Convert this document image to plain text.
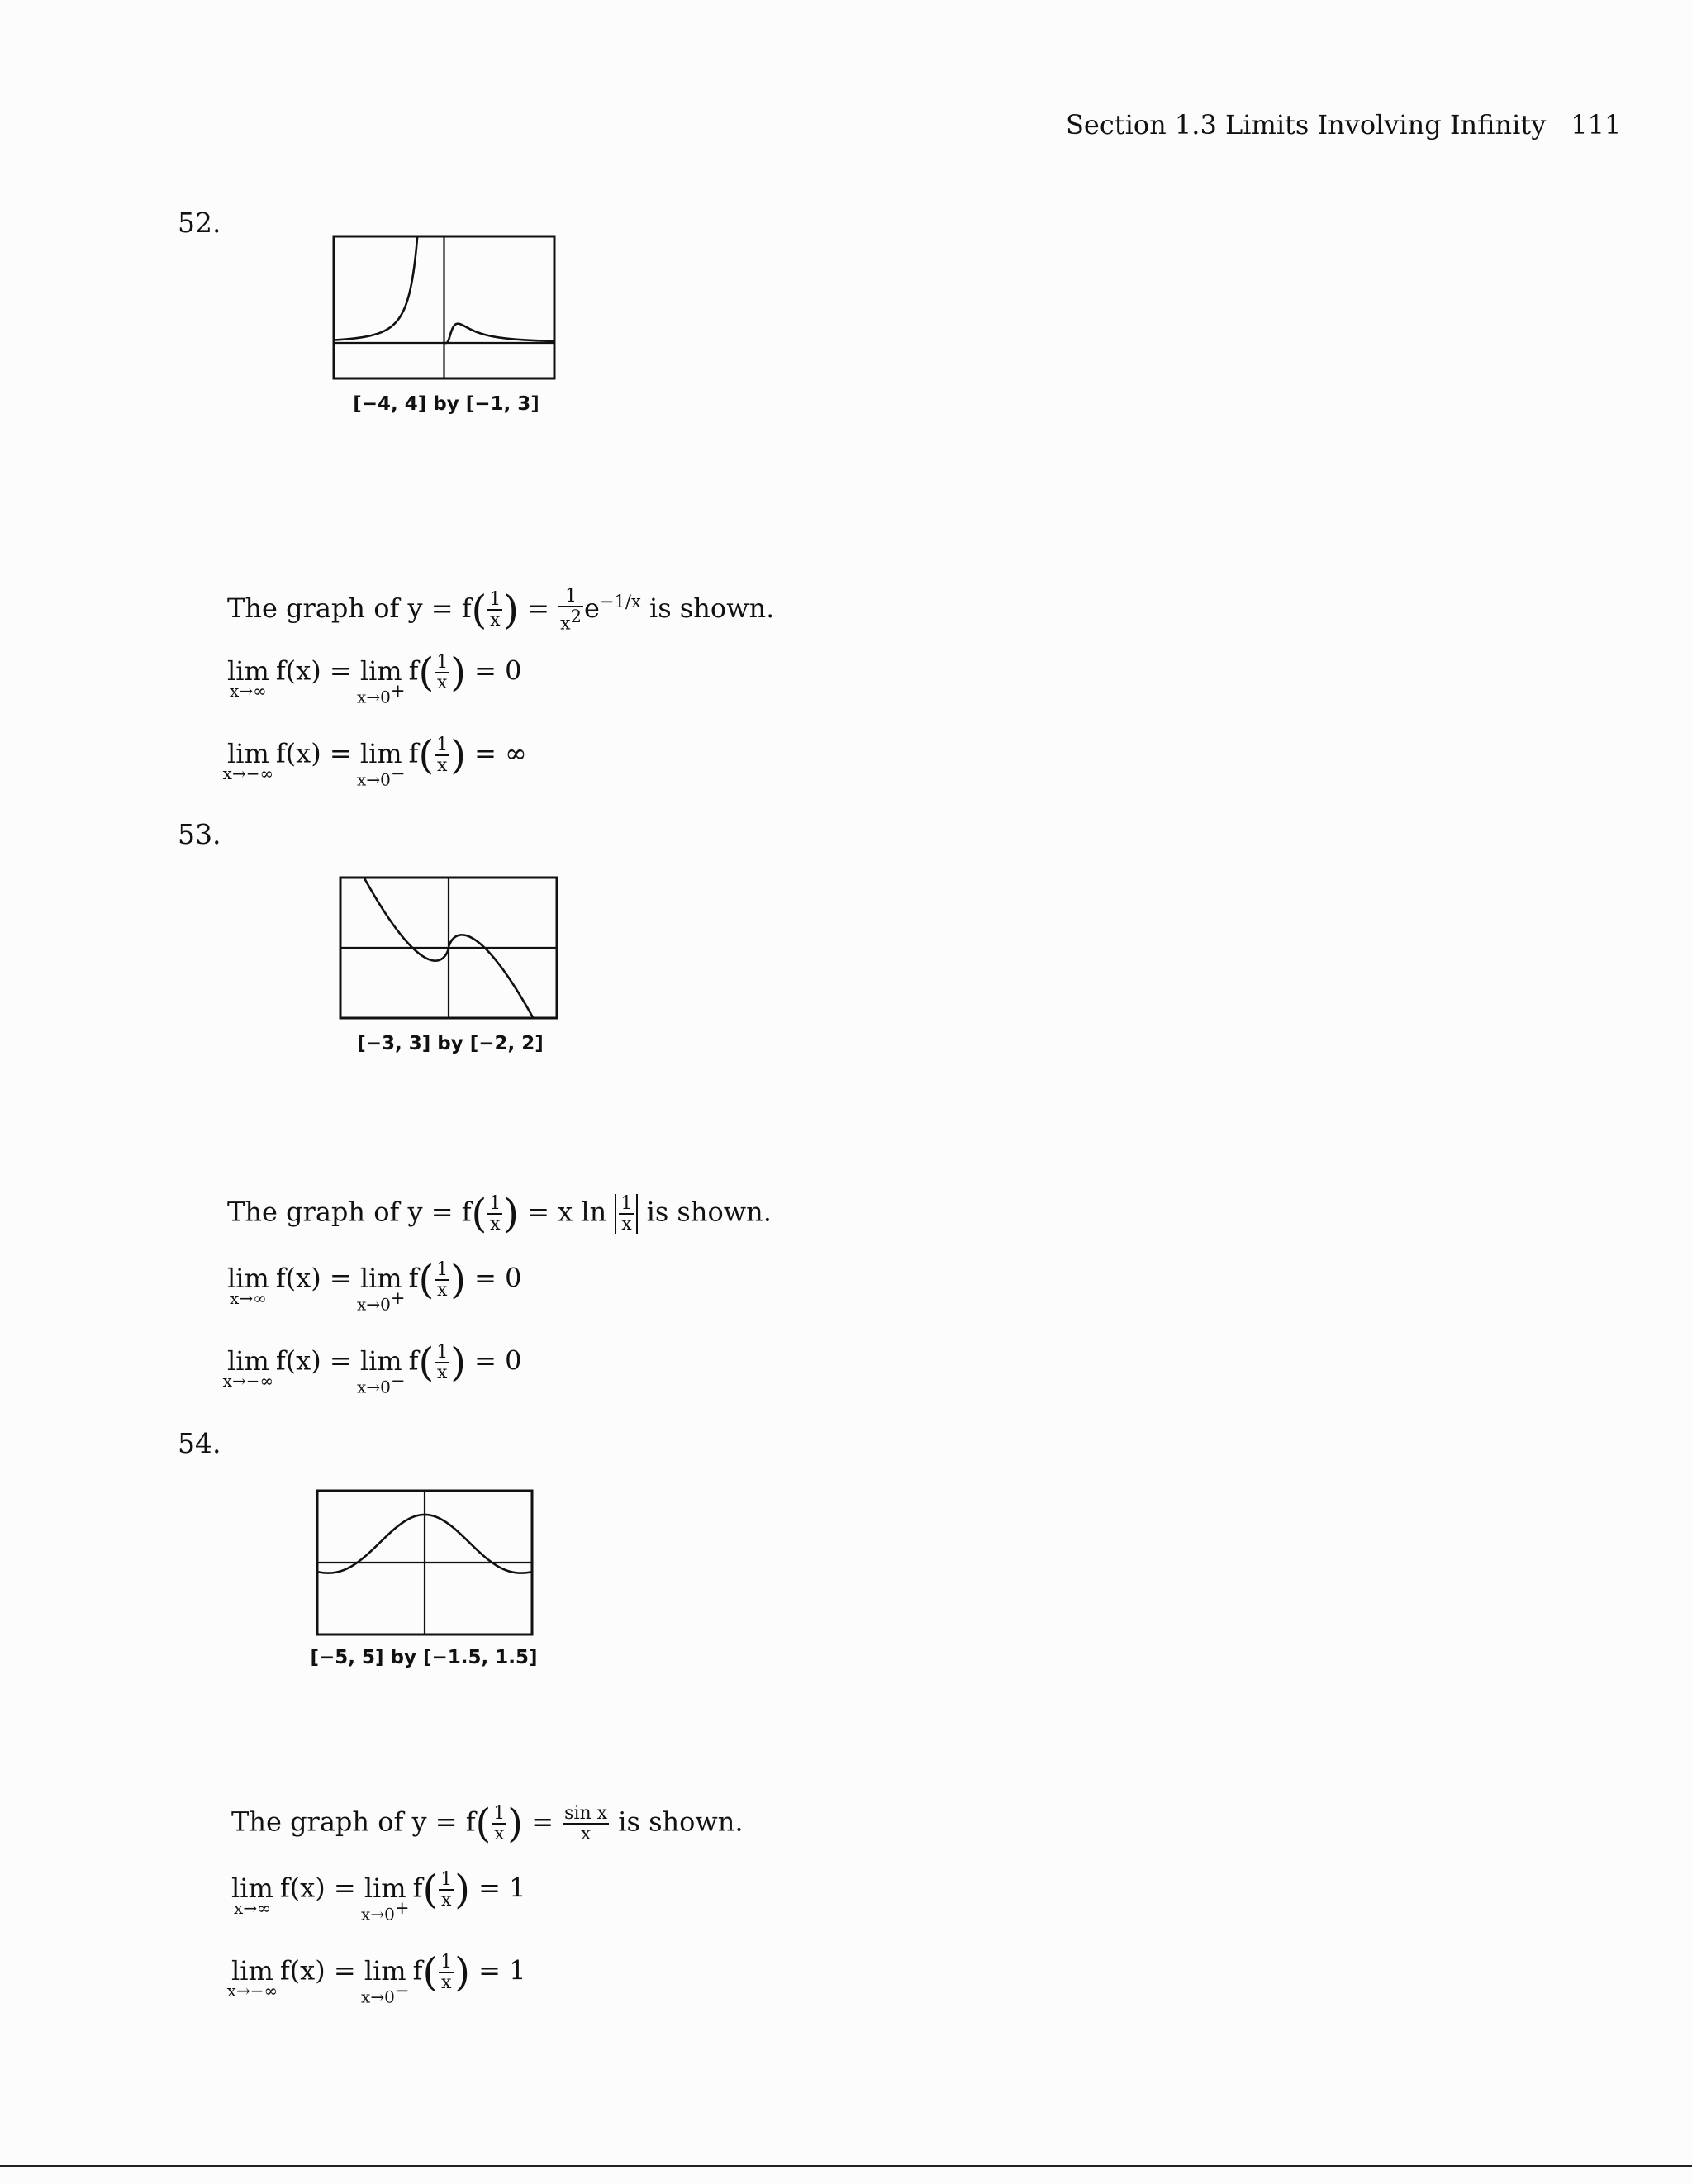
Section 1.3 Limits Involving Infinity 111
52.
[−4, 4] by [−1, 3]
The graph of $y = f( \frac{1}{x}$ ) = $\frac{1}{x^2} e^{-1/x}$ is shown.
lim
x→∞
f(x) = lim
x→0+
$f( \frac{1}{x}$ ) = 0
lim
x→−∞
f(x) = lim
x→0−
$f( \frac{1}{x}$ ) = ∞
53.
[−3, 3] by [−2, 2]
The graph of $y = f( \frac{1}{x}$ ) = x $\ln \frac{1}{x}$ is shown.
lim
x→∞
f(x) = lim
x→0+
$f( \frac{1}{x}$ ) = 0
lim
x→−∞
f(x) = lim
x→0−
$f( \frac{1}{x}$ ) = 0
54.
[−5, 5] by [−1.5, 1.5]
The graph of $y = f( \frac{1}{x}$ ) = $\frac{\text{sin x}}{x}$ is shown.
lim
x→∞
f(x) = lim
x→0+
$f( \frac{1}{x}$ ) = 1
lim
x→−∞
f(x) = lim
x→0−
$f( \frac{1}{x}$ ) = 1
